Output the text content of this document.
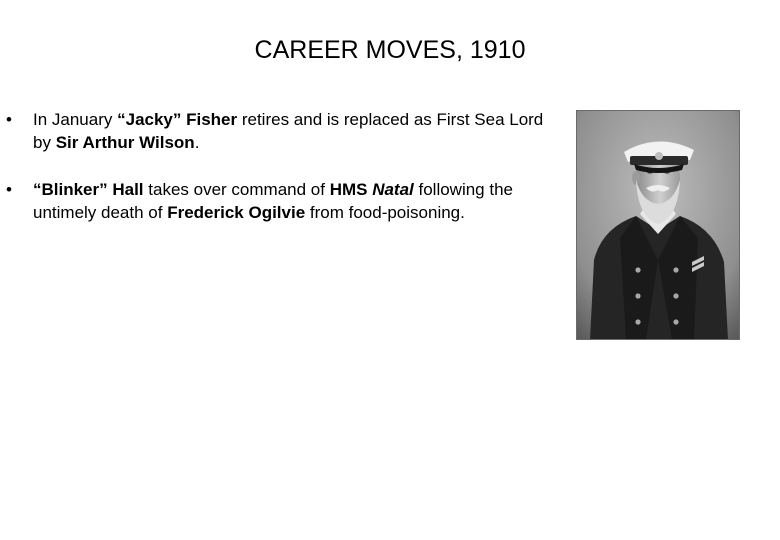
CAREER MOVES, 1910
• In January “Jacky” Fisher retires and is replaced as First Sea Lord by Sir Arthur Wilson.
• “Blinker” Hall takes over command of HMS Natal following the untimely death of Frederick Ogilvie from food-poisoning.
